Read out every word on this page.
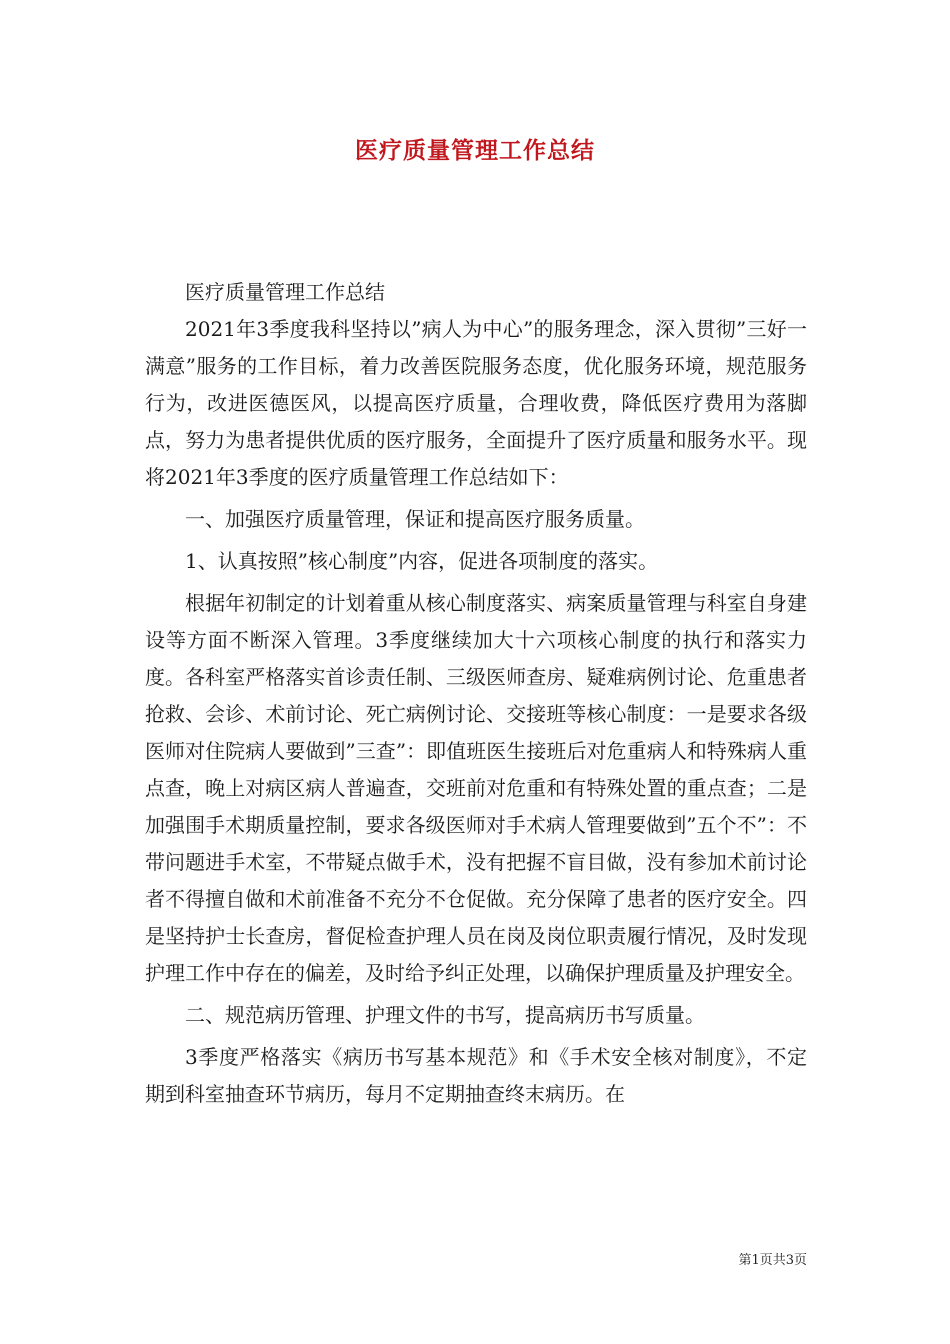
医疗质量管理工作总结

医疗质量管理工作总结

2021年3季度我科坚持以”病人为中心”的服务理念，深入贯彻”三好一满意”服务的工作目标，着力改善医院服务态度，优化服务环境，规范服务行为，改进医德医风，以提高医疗质量，合理收费，降低医疗费用为落脚点，努力为患者提供优质的医疗服务，全面提升了医疗质量和服务水平。现将2021年3季度的医疗质量管理工作总结如下：

一、加强医疗质量管理，保证和提高医疗服务质量。

1、认真按照”核心制度”内容，促进各项制度的落实。

根据年初制定的计划着重从核心制度落实、病案质量管理与科室自身建设等方面不断深入管理。3季度继续加大十六项核心制度的执行和落实力度。各科室严格落实首诊责任制、三级医师查房、疑难病例讨论、危重患者抢救、会诊、术前讨论、死亡病例讨论、交接班等核心制度：一是要求各级医师对住院病人要做到”三查”：即值班医生接班后对危重病人和特殊病人重点查，晚上对病区病人普遍查，交班前对危重和有特殊处置的重点查；二是加强围手术期质量控制，要求各级医师对手术病人管理要做到”五个不”：不带问题进手术室，不带疑点做手术，没有把握不盲目做，没有参加术前讨论者不得擅自做和术前准备不充分不仓促做。充分保障了患者的医疗安全。四是坚持护士长查房，督促检查护理人员在岗及岗位职责履行情况，及时发现护理工作中存在的偏差，及时给予纠正处理，以确保护理质量及护理安全。

二、规范病历管理、护理文件的书写，提高病历书写质量。

3季度严格落实《病历书写基本规范》和《手术安全核对制度》，不定期到科室抽查环节病历，每月不定期抽查终末病历。在

第1页共3页
